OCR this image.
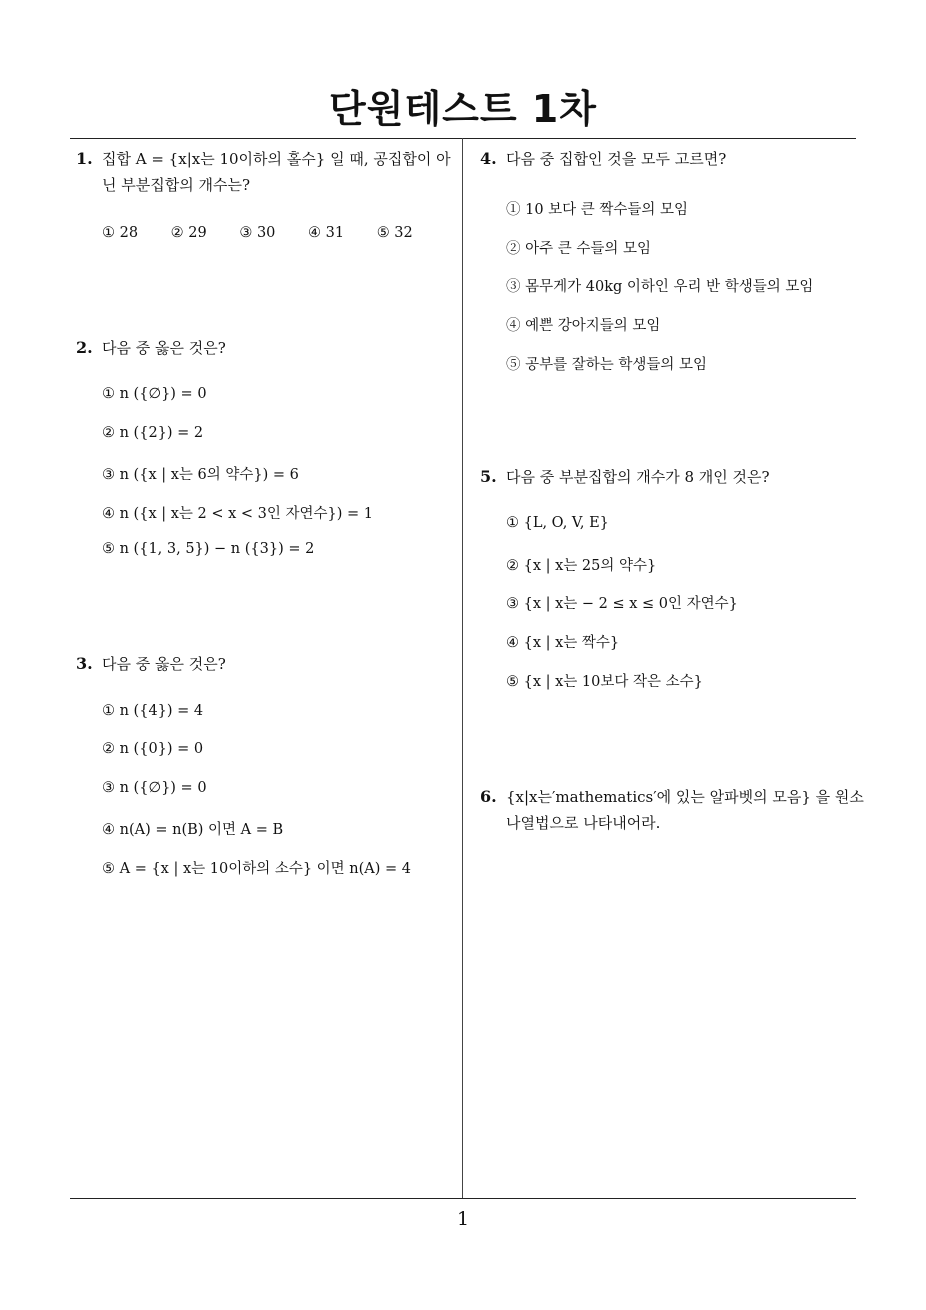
단원테스트 1차
1. 집합 A = {x|x는 10이하의 홀수} 일 때, 공집합이 아
닌 부분집합의 개수는?
① 28 ② 29 ③ 30 ④ 31 ⑤ 32
2. 다음 중 옳은 것은?
① n ({∅}) = 0
② n ({2}) = 2
③ n ({x | x는 6의 약수}) = 6
④ n ({x | x는 2 < x < 3인 자연수}) = 1
⑤ n ({1, 3, 5}) − n ({3}) = 2
3. 다음 중 옳은 것은?
① n ({4}) = 4
② n ({0}) = 0
③ n ({∅}) = 0
④ n(A) = n(B) 이면 A = B
⑤ A = {x | x는 10이하의 소수} 이면 n(A) = 4
4. 다음 중 집합인 것을 모두 고르면?
① 10 보다 큰 짝수들의 모임
② 아주 큰 수들의 모임
③ 몸무게가 40kg 이하인 우리 반 학생들의 모임
④ 예쁜 강아지들의 모임
⑤ 공부를 잘하는 학생들의 모임
5. 다음 중 부분집합의 개수가 8 개인 것은?
① {L, O, V, E}
② {x | x는 25의 약수}
③ {x | x는 − 2 ≤ x ≤ 0인 자연수}
④ {x | x는 짝수}
⑤ {x | x는 10보다 작은 소수}
6. {x|x는′mathematics′에 있는 알파벳의 모음} 을 원소
나열법으로 나타내어라.
1
